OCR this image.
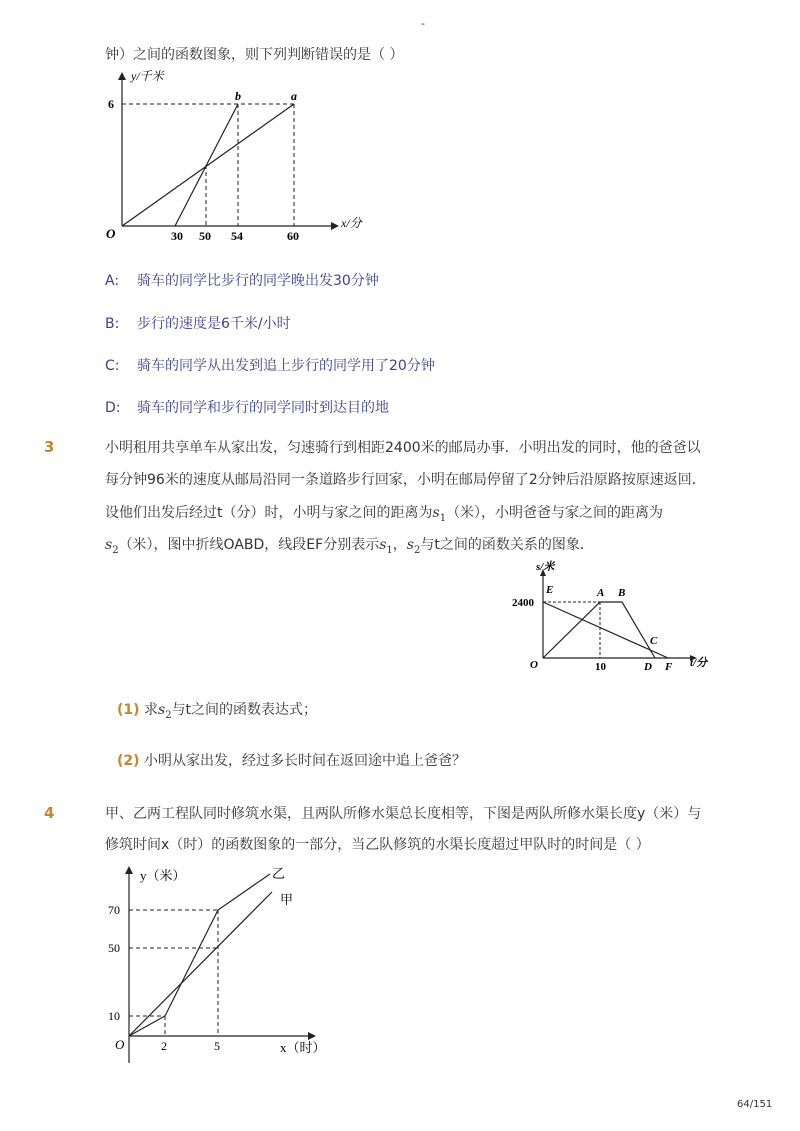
-
钟）之间的函数图象，则下列判断错误的是（ ）
y/千米
x/分
O
6
30 50 54	60
b	a
A: 骑车的同学比步行的同学晚出发30分钟
B: 步行的速度是6千米/小时
C: 骑车的同学从出发到追上步行的同学用了20分钟
D: 骑车的同学和步行的同学同时到达目的地
3	小明租用共享单车从家出发，匀速骑行到相距2400米的邮局办事．小明出发的同时，他的爸爸以
每分钟96米的速度从邮局沿同一条道路步行回家，小明在邮局停留了2分钟后沿原路按原速返回．
设他们出发后经过t（分）时，小明与家之间的距离为$s_1$（米），小明爸爸与家之间的距离为
$s_2$（米），图中折线OABD，线段EF分别表示$s_1$，$s_2$与t之间的函数关系的图象．
s/米
t/分
O
2400
10
E	A B
C
D F
(1) 求$s_2$与t之间的函数表达式；
(2) 小明从家出发，经过多长时间在返回途中追上爸爸？
4	甲、乙两工程队同时修筑水渠，且两队所修水渠总长度相等，下图是两队所修水渠长度y（米）与
修筑时间x（时）的函数图象的一部分，当乙队修筑的水渠长度超过甲队时的时间是（ ）
y（米）
x（时）
O
70
50
10
2	5
乙
甲
64/151
